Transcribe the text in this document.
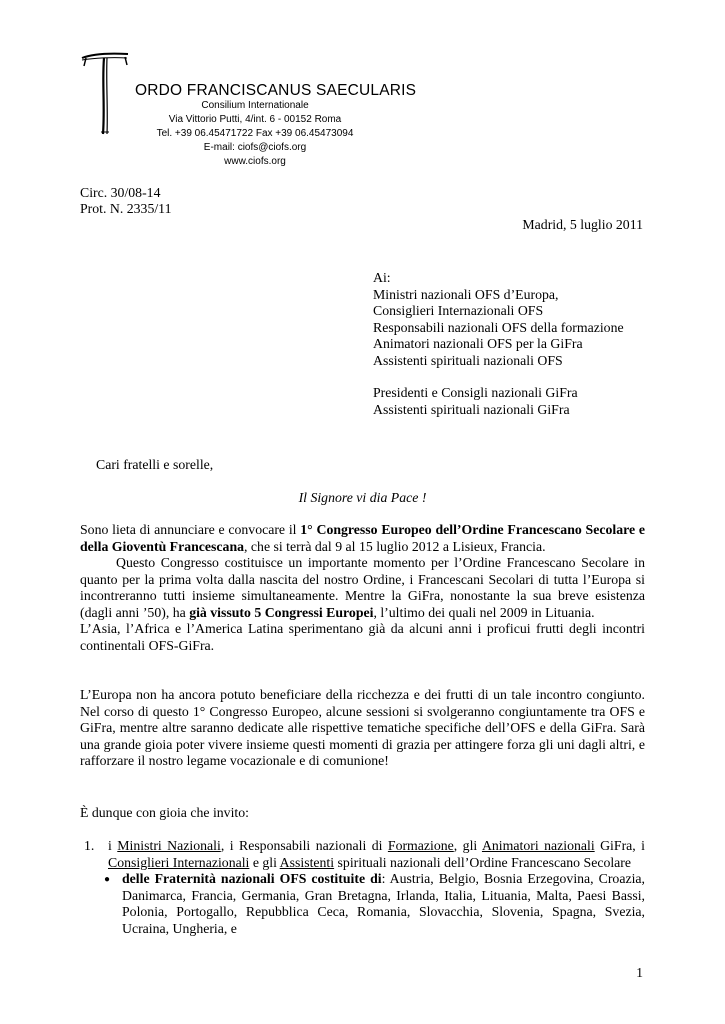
ORDO FRANCISCANUS SAECULARIS
Consilium Internationale
Via Vittorio Putti, 4/int. 6 - 00152 Roma
Tel. +39 06.45471722 Fax +39 06.45473094
E-mail: ciofs@ciofs.org
www.ciofs.org
Circ. 30/08-14
Prot. N. 2335/11
Madrid, 5 luglio 2011
Ai:
Ministri nazionali OFS d’Europa,
Consiglieri Internazionali OFS
Responsabili nazionali OFS della formazione
Animatori nazionali OFS per la GiFra
Assistenti spirituali nazionali OFS
Presidenti e Consigli nazionali GiFra
Assistenti spirituali nazionali GiFra
Cari fratelli e sorelle,
Il Signore vi dia Pace !
Sono lieta di annunciare e convocare il 1° Congresso Europeo dell’Ordine Francescano Secolare e della Gioventù Francescana, che si terrà dal 9 al 15 luglio 2012 a Lisieux, Francia.
Questo Congresso costituisce un importante momento per l’Ordine Francescano Secolare in quanto per la prima volta dalla nascita del nostro Ordine, i Francescani Secolari di tutta l’Europa si incontreranno tutti insieme simultaneamente. Mentre la GiFra, nonostante la sua breve esistenza (dagli anni ’50), ha già vissuto 5 Congressi Europei, l’ultimo dei quali nel 2009 in Lituania.
L’Asia, l’Africa e l’America Latina sperimentano già da alcuni anni i proficui frutti degli incontri continentali OFS-GiFra.
L’Europa non ha ancora potuto beneficiare della ricchezza e dei frutti di un tale incontro congiunto. Nel corso di questo 1° Congresso Europeo, alcune sessioni si svolgeranno congiuntamente tra OFS e GiFra, mentre altre saranno dedicate alle rispettive tematiche specifiche dell’OFS e della GiFra. Sarà una grande gioia poter vivere insieme questi momenti di grazia per attingere forza gli uni dagli altri, e rafforzare il nostro legame vocazionale e di comunione!
È dunque con gioia che invito:
1. i Ministri Nazionali, i Responsabili nazionali di Formazione, gli Animatori nazionali GiFra, i Consiglieri Internazionali e gli Assistenti spirituali nazionali dell’Ordine Francescano Secolare
● delle Fraternità nazionali OFS costituite di: Austria, Belgio, Bosnia Erzegovina, Croazia, Danimarca, Francia, Germania, Gran Bretagna, Irlanda, Italia, Lituania, Malta, Paesi Bassi, Polonia, Portogallo, Repubblica Ceca, Romania, Slovacchia, Slovenia, Spagna, Svezia, Ucraina, Ungheria, e
1
